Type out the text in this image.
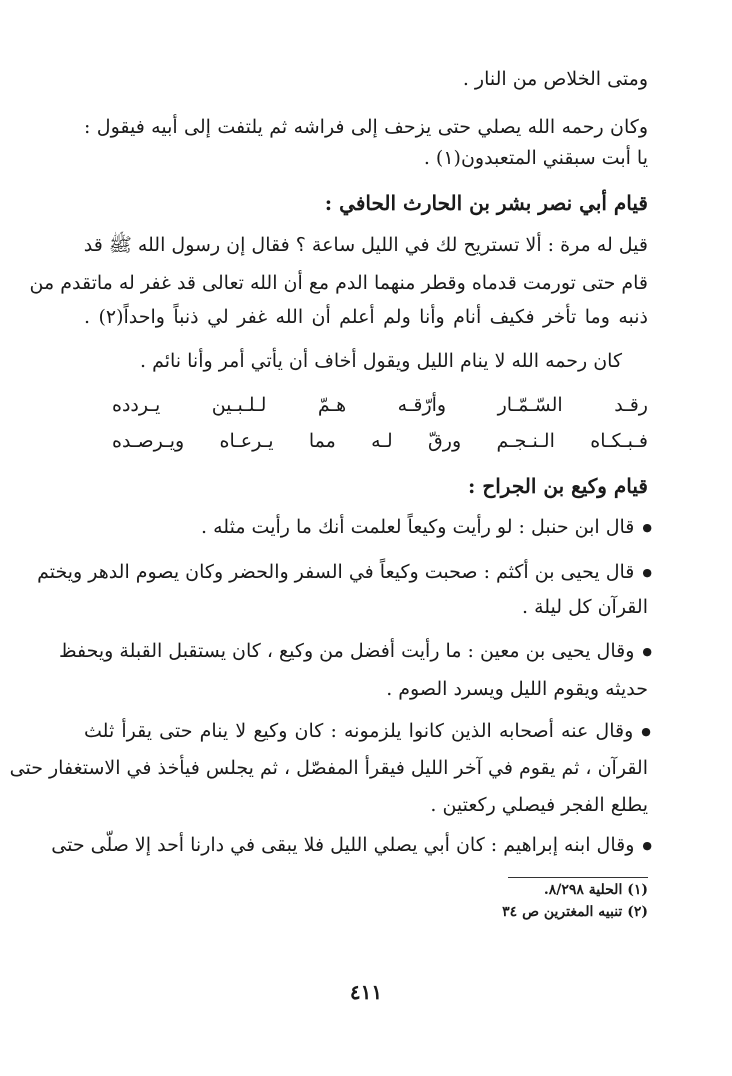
ومتى الخلاص من النار .
وكان رحمه الله يصلي حتى يزحف إلى فراشه ثم يلتفت إلى أبيه فيقول :
يا أبت سبقني المتعبدون(١) .
قيام أبي نصر بشر بن الحارث الحافي :
قيل له مرة : ألا تستريح لك في الليل ساعة ؟ فقال إن رسول الله ﷺ قد
قام حتى تورمت قدماه وقطر منهما الدم مع أن الله تعالى قد غفر له ماتقدم من
ذنبه وما تأخر فكيف أنام وأنا ولم أعلم أن الله غفر لي ذنباً واحداً(٢) .
كان رحمه الله لا ينام الليل ويقول أخاف أن يأتي أمر وأنا نائم .
رقـد
السّـمّـار
وأرّقـه
هـمّ
لـلـبـين
يـردده
فـبـكـاه
الـنـجـم
ورقّ
لـه
مما
يـرعـاه
ويـرصـده
قيام وكيع بن الجراح :
● قال ابن حنبل : لو رأيت وكيعاً لعلمت أنك ما رأيت مثله .
● قال يحيى بن أكثم : صحبت وكيعاً في السفر والحضر وكان يصوم الدهر ويختم
القرآن كل ليلة .
● وقال يحيى بن معين : ما رأيت أفضل من وكيع ، كان يستقبل القبلة ويحفظ
حديثه ويقوم الليل ويسرد الصوم .
● وقال عنه أصحابه الذين كانوا يلزمونه : كان وكيع لا ينام حتى يقرأ ثلث
القرآن ، ثم يقوم في آخر الليل فيقرأ المفصّل ، ثم يجلس فيأخذ في الاستغفار حتى
يطلع الفجر فيصلي ركعتين .
● وقال ابنه إبراهيم : كان أبي يصلي الليل فلا يبقى في دارنا أحد إلا صلّى حتى
(١) الحلية ٨/٢٩٨.
(٢) تنبيه المغترين ص ٣٤
٤١١
